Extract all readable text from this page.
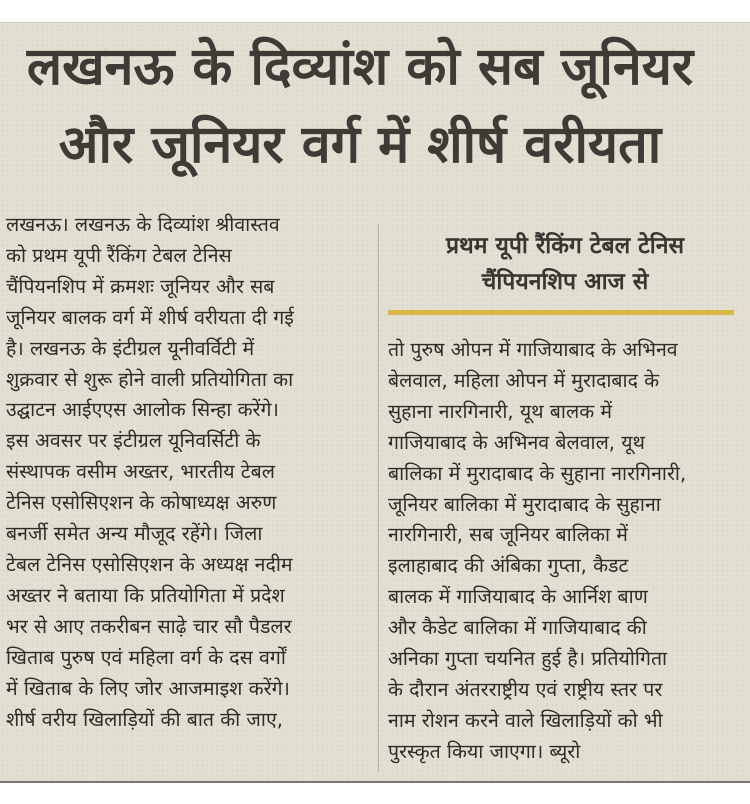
लखनऊ के दिव्यांश को सब जूनियर
और जूनियर वर्ग में शीर्ष वरीयता
लखनऊ। लखनऊ के दिव्यांश श्रीवास्तव
को प्रथम यूपी रैंकिंग टेबल टेनिस
चैंपियनशिप में क्रमशः जूनियर और सब
जूनियर बालक वर्ग में शीर्ष वरीयता दी गई
है। लखनऊ के इंटीग्रल यूनीवर्विटी में
शुक्रवार से शुरू होने वाली प्रतियोगिता का
उद्घाटन आईएएस आलोक सिन्हा करेंगे।
इस अवसर पर इंटीग्रल यूनिवर्सिटी के
संस्थापक वसीम अख्तर, भारतीय टेबल
टेनिस एसोसिएशन के कोषाध्यक्ष अरुण
बनर्जी समेत अन्य मौजूद रहेंगे। जिला
टेबल टेनिस एसोसिएशन के अध्यक्ष नदीम
अख्तर ने बताया कि प्रतियोगिता में प्रदेश
भर से आए तकरीबन साढ़े चार सौ पैडलर
खिताब पुरुष एवं महिला वर्ग के दस वर्गों
में खिताब के लिए जोर आजमाइश करेंगे।
शीर्ष वरीय खिलाड़ियों की बात की जाए,
प्रथम यूपी रैंकिंग टेबल टेनिस
चैंपियनशिप आज से
तो पुरुष ओपन में गाजियाबाद के अभिनव
बेलवाल, महिला ओपन में मुरादाबाद के
सुहाना नारगिनारी, यूथ बालक में
गाजियाबाद के अभिनव बेलवाल, यूथ
बालिका में मुरादाबाद के सुहाना नारगिनारी,
जूनियर बालिका में मुरादाबाद के सुहाना
नारगिनारी, सब जूनियर बालिका में
इलाहाबाद की अंबिका गुप्ता, कैडट
बालक में गाजियाबाद के आर्निश बाण
और कैडेट बालिका में गाजियाबाद की
अनिका गुप्ता चयनित हुई है। प्रतियोगिता
के दौरान अंतरराष्ट्रीय एवं राष्ट्रीय स्तर पर
नाम रोशन करने वाले खिलाड़ियों को भी
पुरस्कृत किया जाएगा। ब्यूरो
